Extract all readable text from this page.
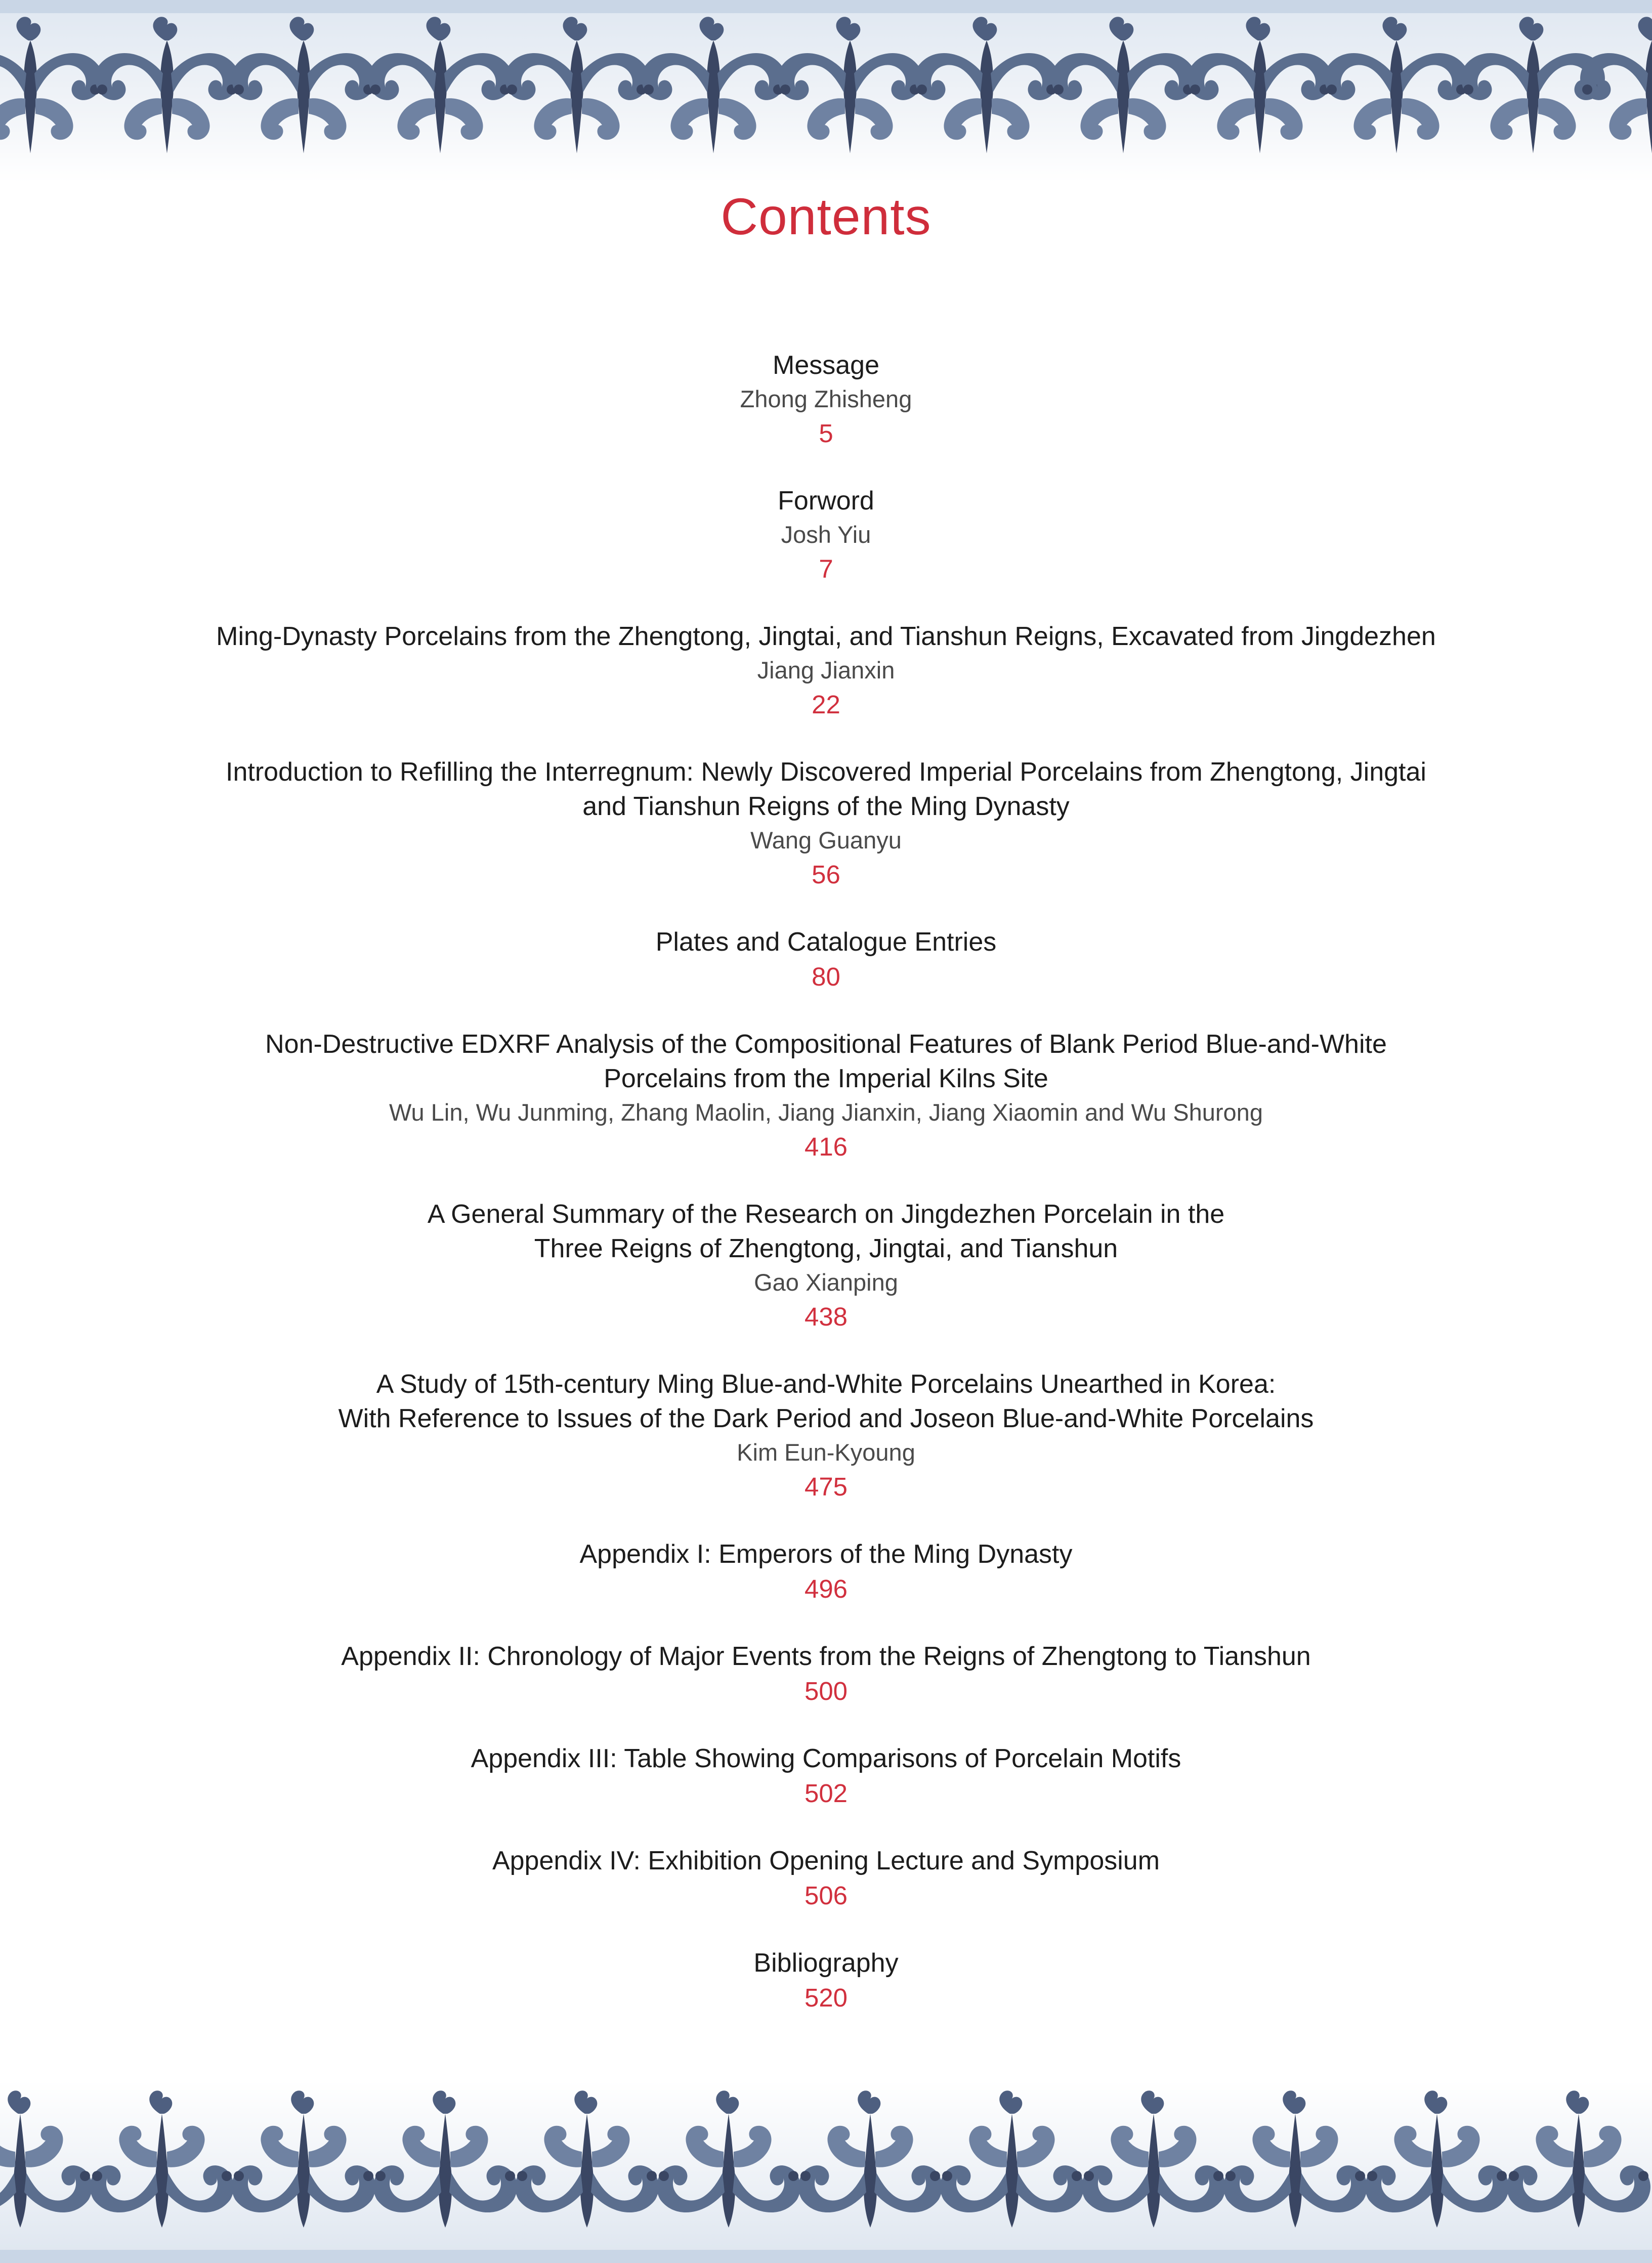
Contents
Message
Zhong Zhisheng
5
Forword
Josh Yiu
7
Ming-Dynasty Porcelains from the Zhengtong, Jingtai, and Tianshun Reigns, Excavated from Jingdezhen
Jiang Jianxin
22
Introduction to Refilling the Interregnum: Newly Discovered Imperial Porcelains from Zhengtong, Jingtai
and Tianshun Reigns of the Ming Dynasty
Wang Guanyu
56
Plates and Catalogue Entries
80
Non-Destructive EDXRF Analysis of the Compositional Features of Blank Period Blue-and-White
Porcelains from the Imperial Kilns Site
Wu Lin, Wu Junming, Zhang Maolin, Jiang Jianxin, Jiang Xiaomin and Wu Shurong
416
A General Summary of the Research on Jingdezhen Porcelain in the
Three Reigns of Zhengtong, Jingtai, and Tianshun
Gao Xianping
438
A Study of 15th-century Ming Blue-and-White Porcelains Unearthed in Korea:
With Reference to Issues of the Dark Period and Joseon Blue-and-White Porcelains
Kim Eun-Kyoung
475
Appendix I: Emperors of the Ming Dynasty
496
Appendix II: Chronology of Major Events from the Reigns of Zhengtong to Tianshun
500
Appendix III: Table Showing Comparisons of Porcelain Motifs
502
Appendix IV: Exhibition Opening Lecture and Symposium
506
Bibliography
520
